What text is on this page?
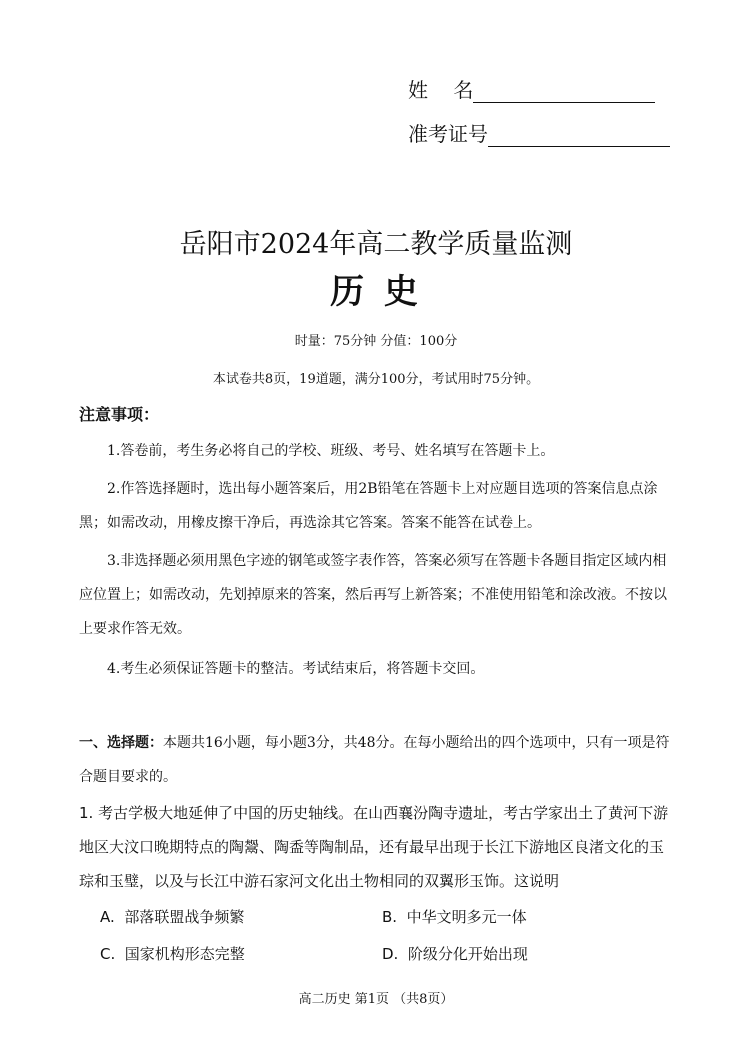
姓    名
准考证号
岳阳市2024年高二教学质量监测
历 史
时量：75分钟 分值：100分
本试卷共8页，19道题，满分100分，考试用时75分钟。
注意事项：
1.答卷前，考生务必将自己的学校、班级、考号、姓名填写在答题卡上。
2.作答选择题时，选出每小题答案后，用2B铅笔在答题卡上对应题目选项的答案信息点涂黑；如需改动，用橡皮擦干净后，再选涂其它答案。答案不能答在试卷上。
3.非选择题必须用黑色字迹的钢笔或签字表作答，答案必须写在答题卡各题目指定区域内相应位置上；如需改动，先划掉原来的答案，然后再写上新答案；不准使用铅笔和涂改液。不按以上要求作答无效。
4.考生必须保证答题卡的整洁。考试结束后，将答题卡交回。
一、选择题：本题共16小题，每小题3分，共48分。在每小题给出的四个选项中，只有一项是符合题目要求的。
1. 考古学极大地延伸了中国的历史轴线。在山西襄汾陶寺遗址，考古学家出土了黄河下游地区大汶口晚期特点的陶鬶、陶盉等陶制品，还有最早出现于长江下游地区良渚文化的玉琮和玉璧，以及与长江中游石家河文化出土物相同的双翼形玉饰。这说明
A. 部落联盟战争频繁	B. 中华文明多元一体
C. 国家机构形态完整	D. 阶级分化开始出现
高二历史 第1页 （共8页）
